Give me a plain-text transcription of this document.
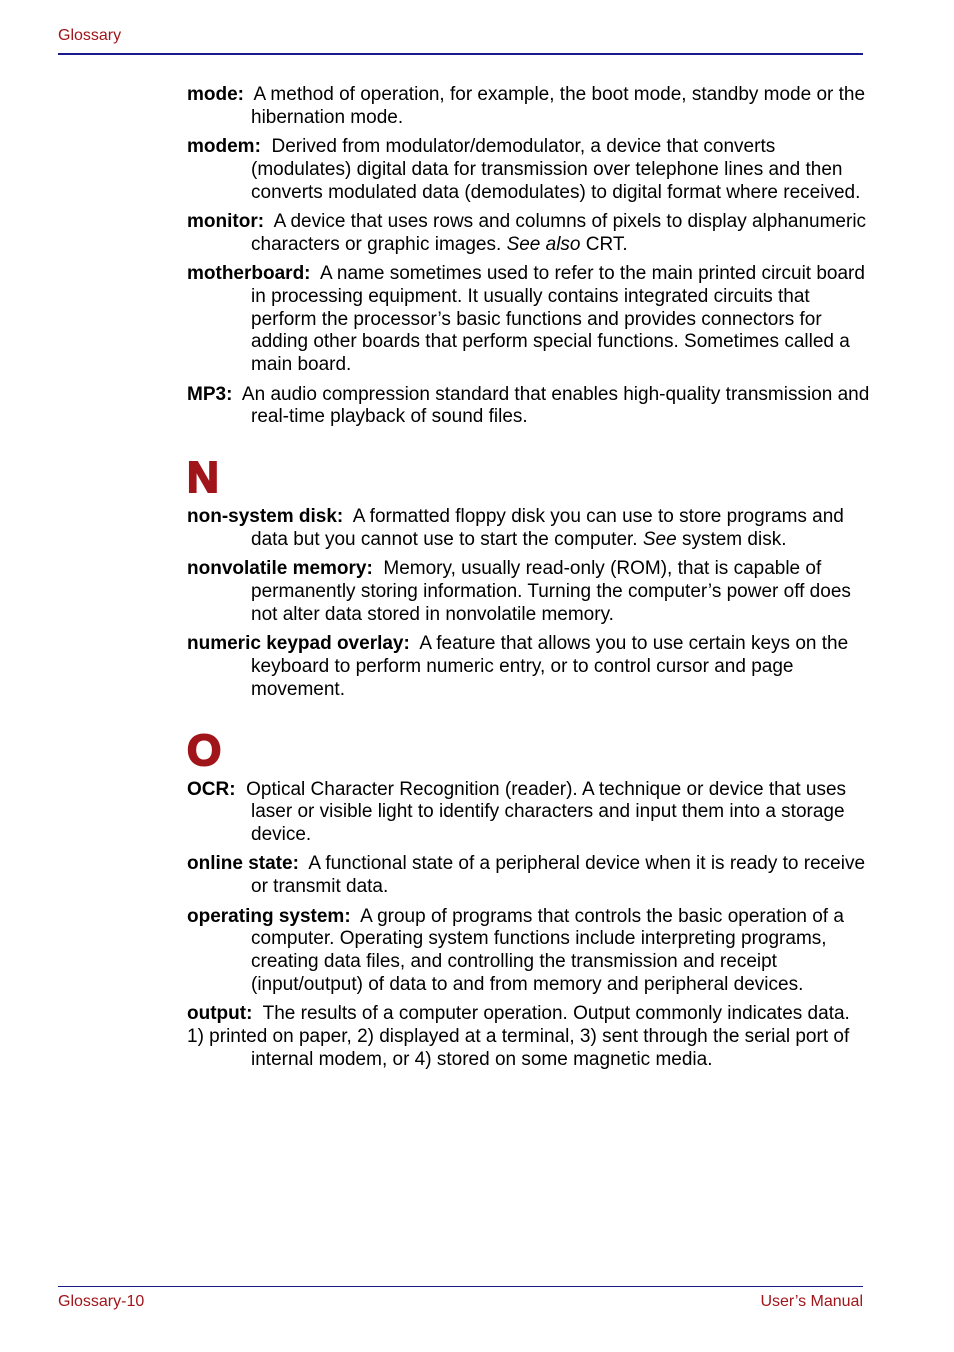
Glossary

mode: A method of operation, for example, the boot mode, standby mode or the hibernation mode.

modem: Derived from modulator/demodulator, a device that converts (modulates) digital data for transmission over telephone lines and then converts modulated data (demodulates) to digital format where received.

monitor: A device that uses rows and columns of pixels to display alphanumeric characters or graphic images. See also CRT.

motherboard: A name sometimes used to refer to the main printed circuit board in processing equipment. It usually contains integrated circuits that perform the processor’s basic functions and provides connectors for adding other boards that perform special functions. Sometimes called a main board.

MP3: An audio compression standard that enables high-quality transmission and real-time playback of sound files.

N

non-system disk: A formatted floppy disk you can use to store programs and data but you cannot use to start the computer. See system disk.

nonvolatile memory: Memory, usually read-only (ROM), that is capable of permanently storing information. Turning the computer’s power off does not alter data stored in nonvolatile memory.

numeric keypad overlay: A feature that allows you to use certain keys on the keyboard to perform numeric entry, or to control cursor and page movement.

O

OCR: Optical Character Recognition (reader). A technique or device that uses laser or visible light to identify characters and input them into a storage device.

online state: A functional state of a peripheral device when it is ready to receive or transmit data.

operating system: A group of programs that controls the basic operation of a computer. Operating system functions include interpreting programs, creating data files, and controlling the transmission and receipt (input/output) of data to and from memory and peripheral devices.

output: The results of a computer operation. Output commonly indicates data.
1) printed on paper, 2) displayed at a terminal, 3) sent through the serial port of internal modem, or 4) stored on some magnetic media.

Glossary-10	User’s Manual
